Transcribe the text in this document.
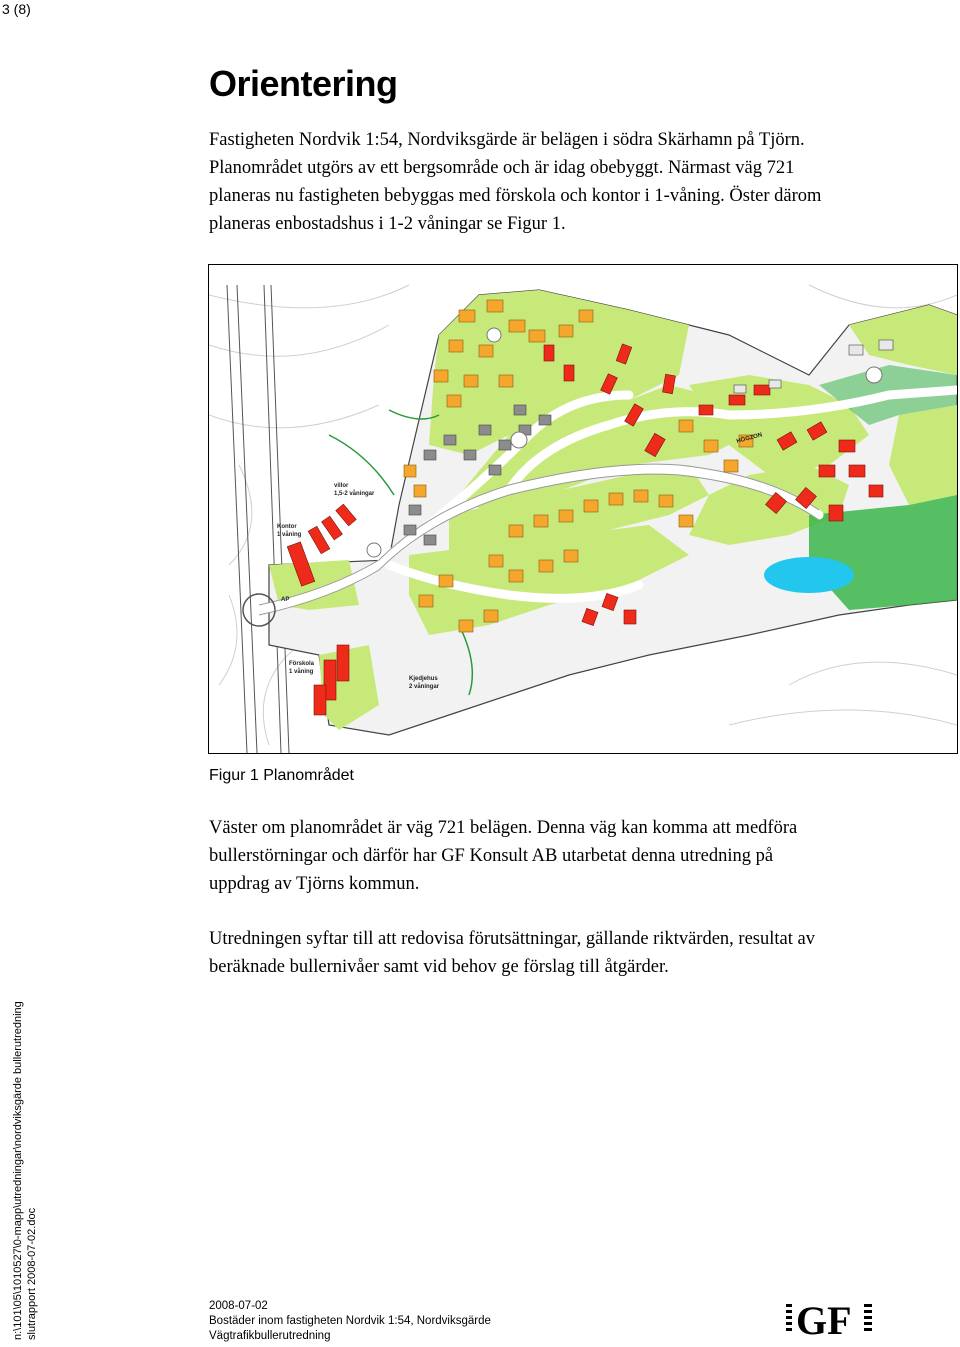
3 (8)
Orientering

Fastigheten Nordvik 1:54, Nordviksgärde är belägen i södra Skärhamn på Tjörn.
Planområdet utgörs av ett bergsområde och är idag obebyggt. Närmast väg 721
planeras nu fastigheten bebyggas med förskola och kontor i 1-våning. Öster därom
planeras enbostadshus i 1-2 våningar se Figur 1.

Kontor
1 våning
villor
1,5-2 våningar
Förskola
1 våning
Kjedjehus
2 våningar
HÖGZON
AP
Figur 1 Planområdet

Väster om planområdet är väg 721 belägen. Denna väg kan komma att medföra
bullerstörningar och därför har GF Konsult AB utarbetat denna utredning på
uppdrag av Tjörns kommun.

Utredningen syftar till att redovisa förutsättningar, gällande riktvärden, resultat av
beräknade bullernivåer samt vid behov ge förslag till åtgärder.

n:\101\05\1010527\0-mapp\utredningar\nordviksgärde bullerutredning slutrapport 2008-07-02.doc	2008-07-02
Bostäder inom fastigheten Nordvik 1:54, Nordviksgärde
Vägtrafikbullerutredning	GF
